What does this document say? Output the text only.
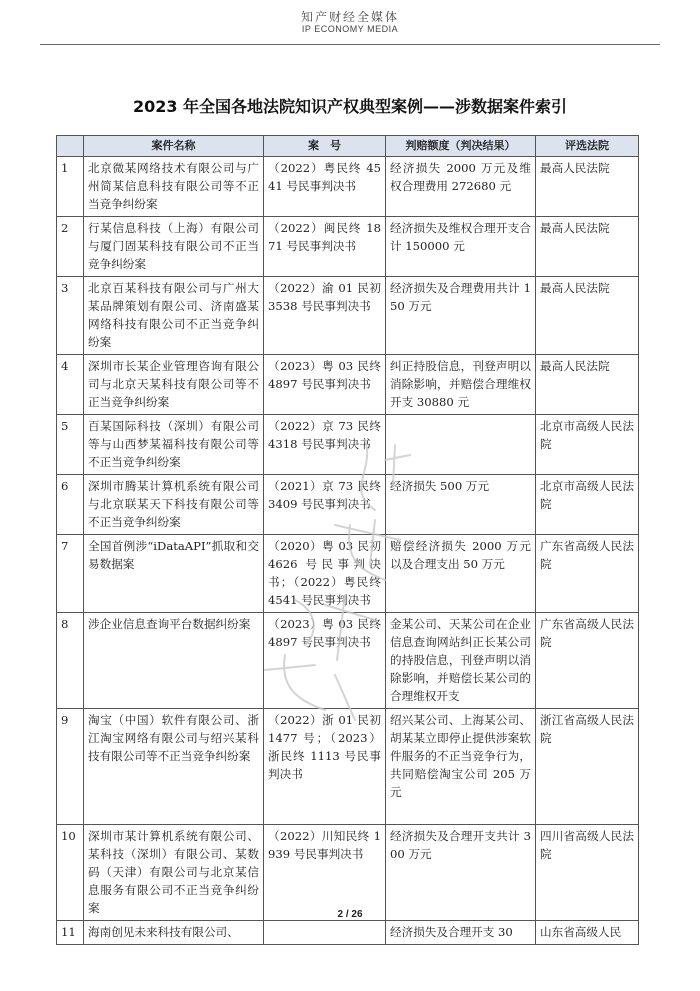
知产财经全媒体
IP ECONOMY MEDIA
2023 年全国各地法院知识产权典型案例——涉数据案件索引
	案件名称	案　号	判赔额度（判决结果）	评选法院
1	北京微某网络技术有限公司与广州简某信息科技有限公司等不正当竞争纠纷案	（2022）粤民终 4541 号民事判决书	经济损失 2000 万元及维权合理费用 272680 元	最高人民法院
2	行某信息科技（上海）有限公司与厦门固某科技有限公司不正当竞争纠纷案	（2022）闽民终 1871 号民事判决书	经济损失及维权合理开支合计 150000 元	最高人民法院
3	北京百某科技有限公司与广州大某品牌策划有限公司、济南盛某网络科技有限公司不正当竞争纠纷案	（2022）渝 01 民初 3538 号民事判决书	经济损失及合理费用共计 150 万元	最高人民法院
4	深圳市长某企业管理咨询有限公司与北京天某科技有限公司等不正当竞争纠纷案	（2023）粤 03 民终 4897 号民事判决书	纠正持股信息，刊登声明以消除影响，并赔偿合理维权开支 30880 元	最高人民法院
5	百某国际科技（深圳）有限公司等与山西梦某福科技有限公司等不正当竞争纠纷案	（2022）京 73 民终 4318 号民事判决书		北京市高级人民法院
6	深圳市腾某计算机系统有限公司与北京联某天下科技有限公司等不正当竞争纠纷案	（2021）京 73 民终 3409 号民事判决书	经济损失 500 万元	北京市高级人民法院
7	全国首例涉“iDataAPI”抓取和交易数据案	（2020）粤 03 民初 4626 号民事判决书；（2022）粤民终 4541 号民事判决书	赔偿经济损失 2000 万元以及合理支出 50 万元	广东省高级人民法院
8	涉企业信息查询平台数据纠纷案	（2023）粤 03 民终 4897 号民事判决书	金某公司、天某公司在企业信息查询网站纠正长某公司的持股信息，刊登声明以消除影响，并赔偿长某公司的合理维权开支	广东省高级人民法院
9	淘宝（中国）软件有限公司、浙江淘宝网络有限公司与绍兴某科技有限公司等不正当竞争纠纷案	（2022）浙 01 民初 1477 号；（2023）浙民终 1113 号民事判决书	绍兴某公司、上海某公司、胡某某立即停止提供涉案软件服务的不正当竞争行为，共同赔偿淘宝公司 205 万元	浙江省高级人民法院
10	深圳市某计算机系统有限公司、某科技（深圳）有限公司、某数码（天津）有限公司与北京某信息服务有限公司不正当竞争纠纷案	（2022）川知民终 1939 号民事判决书	经济损失及合理开支共计 300 万元	四川省高级人民法院
11	海南创见未来科技有限公司、		经济损失及合理开支 30	山东省高级人民
2 / 26
